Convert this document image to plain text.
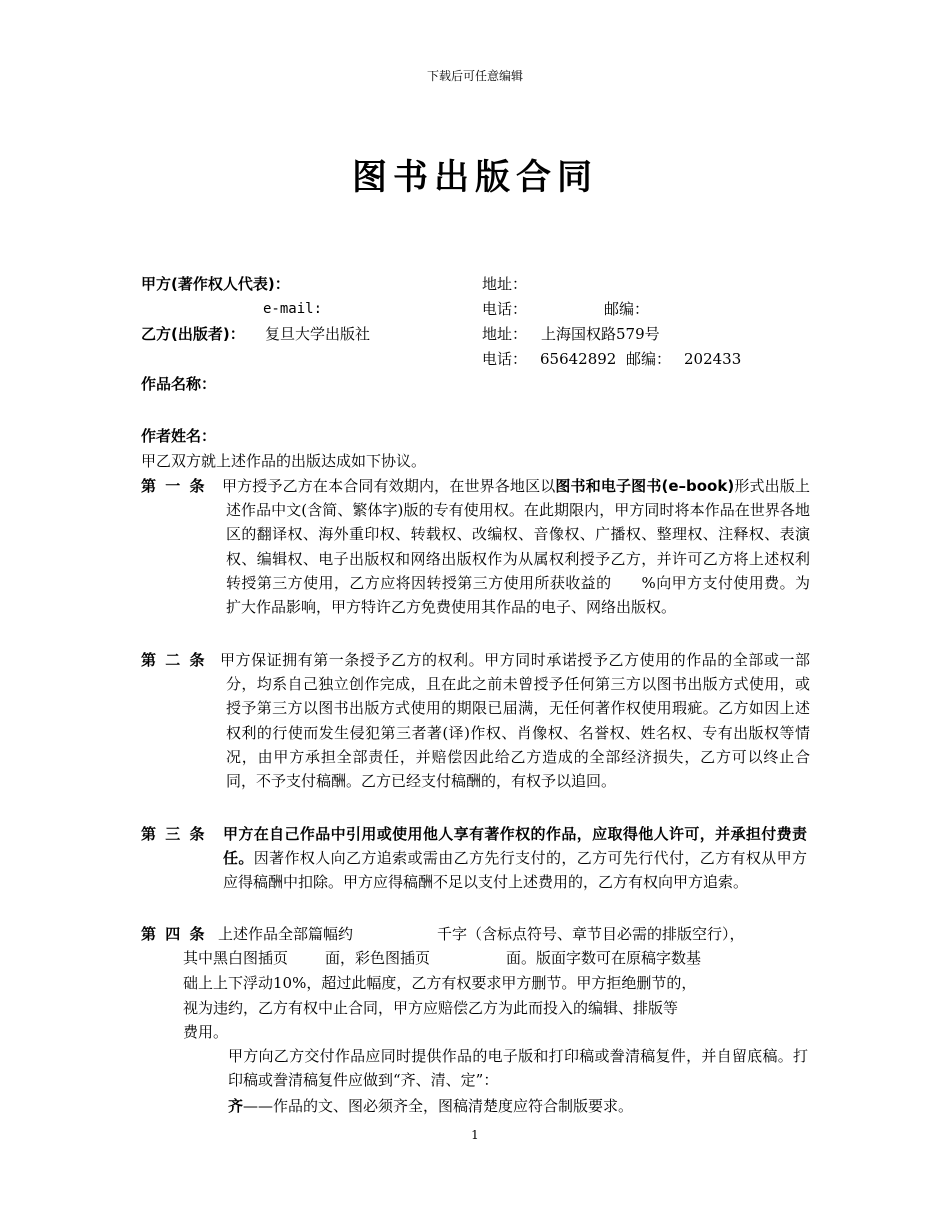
下载后可任意编辑
图书出版合同
甲方(著作权人代表)：	地址：
e-mail:	电话：	邮编：
乙方(出版者)： 复旦大学出版社	地址： 上海国权路579号
电话： 65642892 邮编： 202433
作品名称：
作者姓名：
甲乙双方就上述作品的出版达成如下协议。
第 一 条 甲方授予乙方在本合同有效期内，在世界各地区以图书和电子图书(e–book)形式出版上述作品中文(含简、繁体字)版的专有使用权。在此期限内，甲方同时将本作品在世界各地区的翻译权、海外重印权、转载权、改编权、音像权、广播权、整理权、注释权、表演权、编辑权、电子出版权和网络出版权作为从属权利授予乙方，并许可乙方将上述权利转授第三方使用，乙方应将因转授第三方使用所获收益的 %向甲方支付使用费。为扩大作品影响，甲方特许乙方免费使用其作品的电子、网络出版权。
第 二 条 甲方保证拥有第一条授予乙方的权利。甲方同时承诺授予乙方使用的作品的全部或一部分，均系自己独立创作完成，且在此之前未曾授予任何第三方以图书出版方式使用，或授予第三方以图书出版方式使用的期限已届满，无任何著作权使用瑕疵。乙方如因上述权利的行使而发生侵犯第三者著(译)作权、肖像权、名誉权、姓名权、专有出版权等情况，由甲方承担全部责任，并赔偿因此给乙方造成的全部经济损失，乙方可以终止合同，不予支付稿酬。乙方已经支付稿酬的，有权予以追回。
第 三 条 甲方在自己作品中引用或使用他人享有著作权的作品，应取得他人许可，并承担付费责任。因著作权人向乙方追索或需由乙方先行支付的，乙方可先行代付，乙方有权从甲方应得稿酬中扣除。甲方应得稿酬不足以支付上述费用的，乙方有权向甲方追索。
第 四 条 上述作品全部篇幅约	千字（含标点符号、章节目必需的排版空行），
其中黑白图插页 面，彩色图插页	面。版面字数可在原稿字数基
础上上下浮动10%，超过此幅度，乙方有权要求甲方删节。甲方拒绝删节的，
视为违约，乙方有权中止合同，甲方应赔偿乙方为此而投入的编辑、排版等
费用。
甲方向乙方交付作品应同时提供作品的电子版和打印稿或誊清稿复件，并自留底稿。打印稿或誊清稿复件应做到“齐、清、定”：
齐——作品的文、图必须齐全，图稿清楚度应符合制版要求。
1
